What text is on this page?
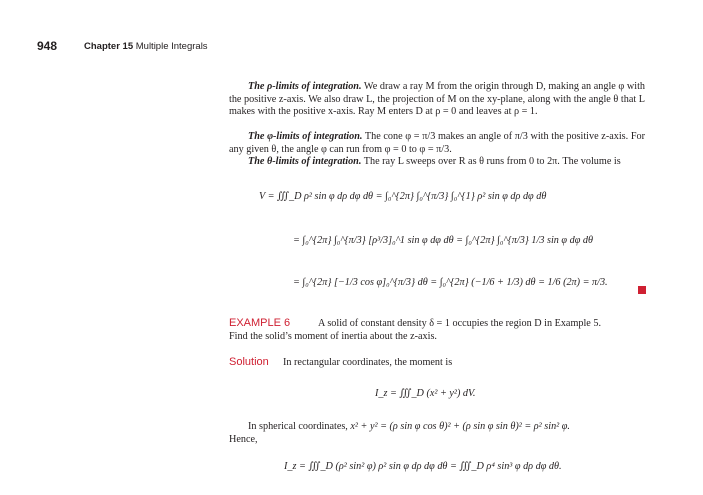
948	Chapter 15 Multiple Integrals
The ρ-limits of integration. We draw a ray M from the origin through D, making an angle φ with the positive z-axis. We also draw L, the projection of M on the xy-plane, along with the angle θ that L makes with the positive x-axis. Ray M enters D at ρ = 0 and leaves at ρ = 1.
The φ-limits of integration. The cone φ = π/3 makes an angle of π/3 with the positive z-axis. For any given θ, the angle φ can run from φ = 0 to φ = π/3.
The θ-limits of integration. The ray L sweeps over R as θ runs from 0 to 2π. The volume is
V = ∭_D ρ² sin φ dρ dφ dθ = ∫₀^{2π} ∫₀^{π/3} ∫₀^{1} ρ² sin φ dρ dφ dθ
= ∫₀^{2π} ∫₀^{π/3} [ρ³/3]₀^1 sin φ dφ dθ = ∫₀^{2π} ∫₀^{π/3} 1/3 sin φ dφ dθ
= ∫₀^{2π} [−1/3 cos φ]₀^{π/3} dθ = ∫₀^{2π} (−1/6 + 1/3) dθ = 1/6 (2π) = π/3.
EXAMPLE 6	A solid of constant density δ = 1 occupies the region D in Example 5.
Find the solid’s moment of inertia about the z-axis.
Solution In rectangular coordinates, the moment is
I_z = ∭_D (x² + y²) dV.
In spherical coordinates, x² + y² = (ρ sin φ cos θ)² + (ρ sin φ sin θ)² = ρ² sin² φ.
Hence,
I_z = ∭_D (ρ² sin² φ) ρ² sin φ dρ dφ dθ = ∭_D ρ⁴ sin³ φ dρ dφ dθ.
